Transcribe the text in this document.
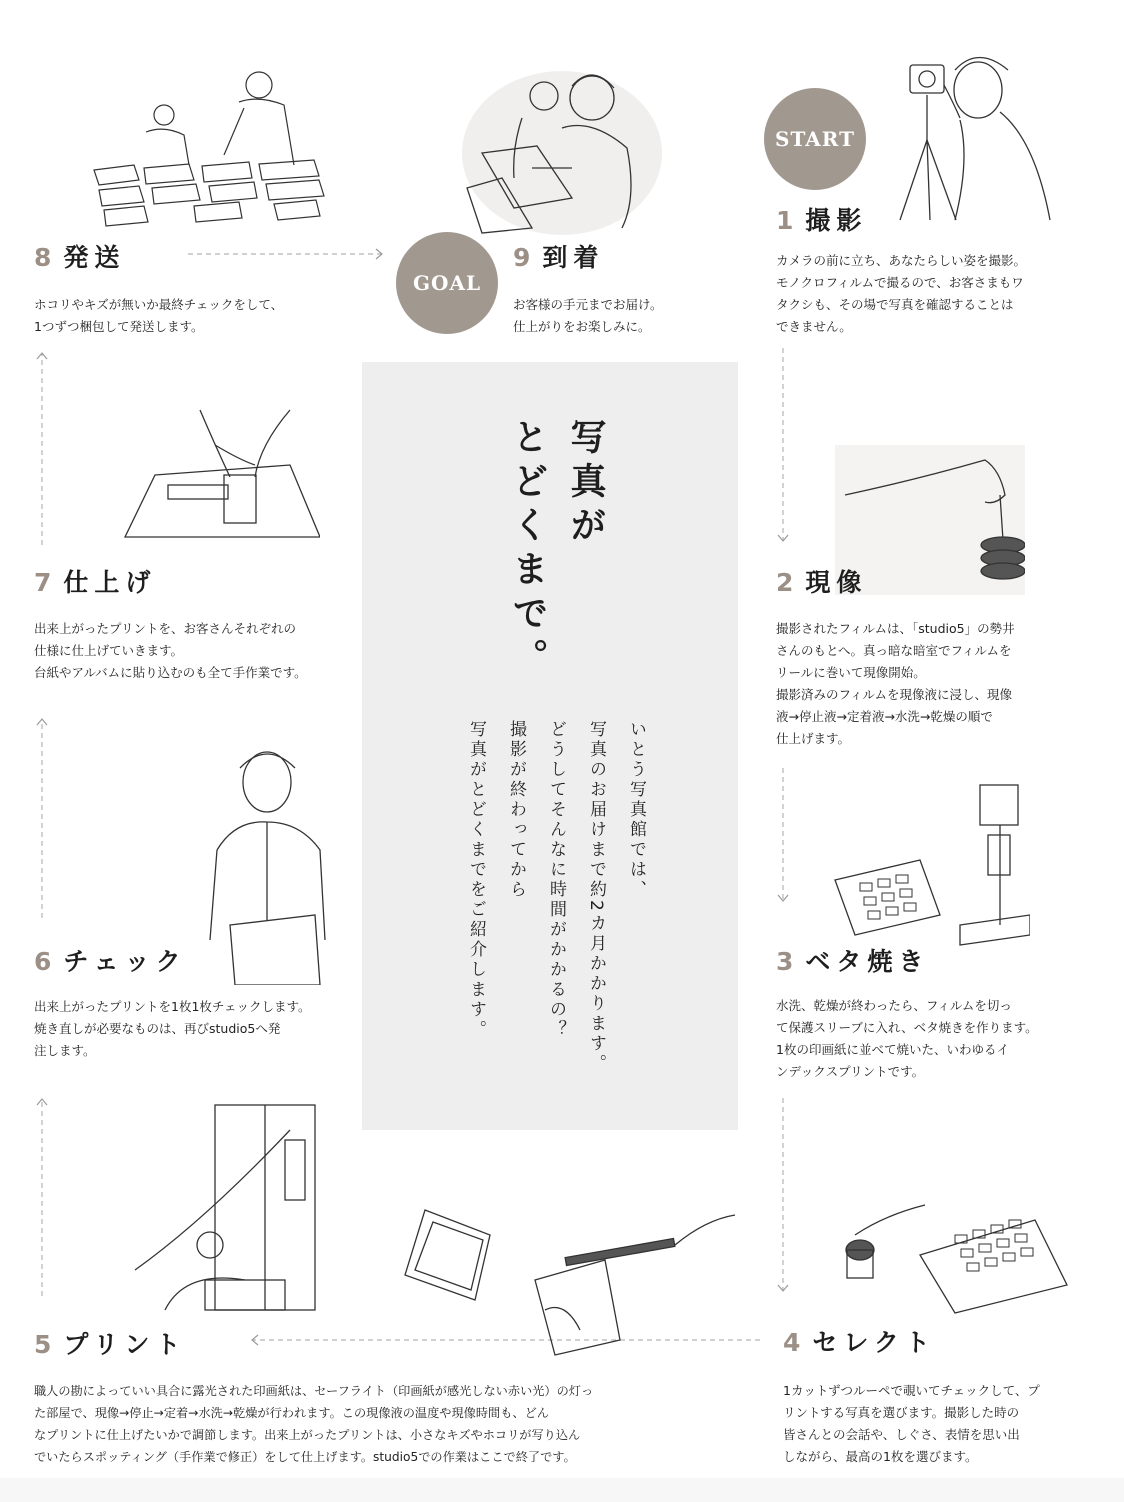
写真が
とどくまで。
いとう写真館では、
写真のお届けまで約2カ月かかります。
どうしてそんなに時間がかかるの？
撮影が終わってから
写真がとどくまでをご紹介します。
START
GOAL
1 撮影

カメラの前に立ち、あなたらしい姿を撮影。

モノクロフィルムで撮るので、お客さまもワ

タクシも、その場で写真を確認することは

できません。

2 現像

撮影されたフィルムは、「studio5」の勢井

さんのもとへ。真っ暗な暗室でフィルムを

リールに巻いて現像開始。

撮影済みのフィルムを現像液に浸し、現像

液→停止液→定着液→水洗→乾燥の順で

仕上げます。

3 ベタ焼き

水洗、乾燥が終わったら、フィルムを切っ

て保護スリーブに入れ、ベタ焼きを作ります。

1枚の印画紙に並べて焼いた、いわゆるイ

ンデックスプリントです。

4 セレクト

1カットずつルーペで覗いてチェックして、プ

リントする写真を選びます。撮影した時の

皆さんとの会話や、しぐさ、表情を思い出

しながら、最高の1枚を選びます。

5 プリント

職人の勘によっていい具合に露光された印画紙は、セーフライト（印画紙が感光しない赤い光）の灯っ

た部屋で、現像→停止→定着→水洗→乾燥が行われます。この現像液の温度や現像時間も、どん

なプリントに仕上げたいかで調節します。出来上がったプリントは、小さなキズやホコリが写り込ん

でいたらスポッティング（手作業で修正）をして仕上げます。studio5での作業はここで終了です。

6 チェック

出来上がったプリントを1枚1枚チェックします。

焼き直しが必要なものは、再びstudio5へ発

注します。

7 仕上げ

出来上がったプリントを、お客さんそれぞれの

仕様に仕上げていきます。

台紙やアルバムに貼り込むのも全て手作業です。

8 発送

ホコリやキズが無いか最終チェックをして、

1つずつ梱包して発送します。

9 到着

お客様の手元までお届け。

仕上がりをお楽しみに。
